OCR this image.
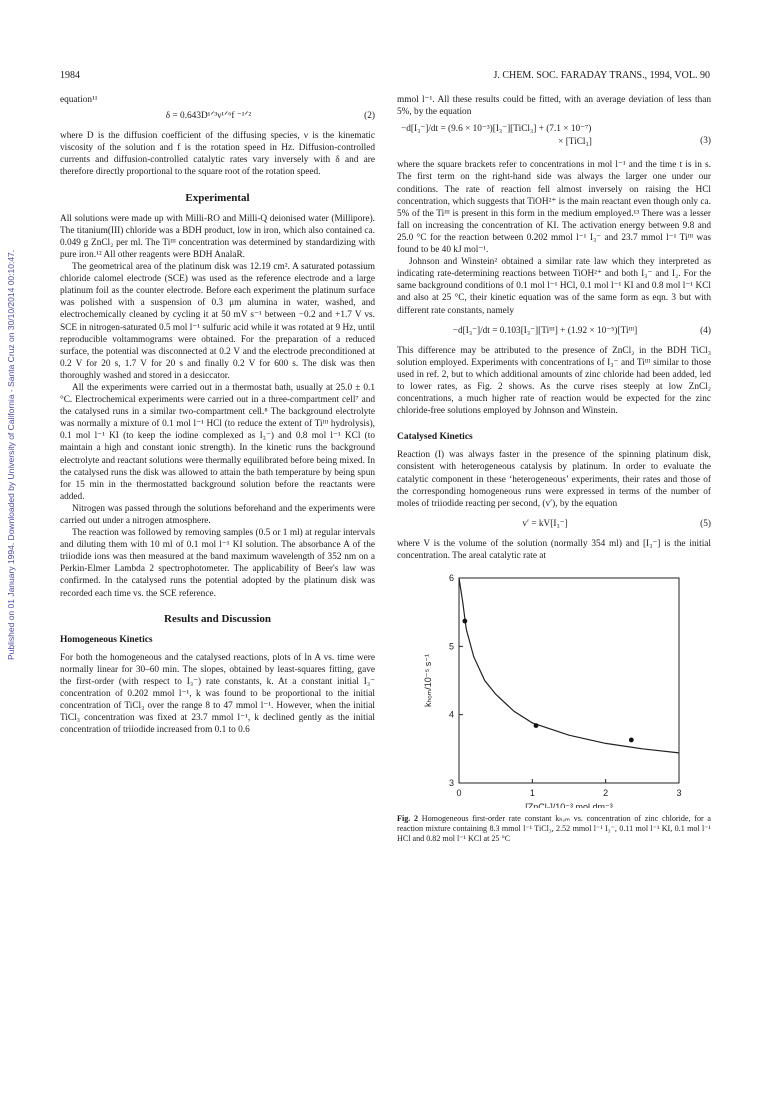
1984	J. CHEM. SOC. FARADAY TRANS., 1994, VOL. 90
Published on 01 January 1994. Downloaded by University of California - Santa Cruz on 30/10/2014 00:10:47.

equation¹¹

δ = 0.643D¹ᐟ³ν¹ᐟ⁶f ⁻¹ᐟ²	(2)

where D is the diffusion coefficient of the diffusing species, ν is the kinematic viscosity of the solution and f is the rotation speed in Hz. Diffusion-controlled currents and diffusion-controlled catalytic rates vary inversely with δ and are therefore directly proportional to the square root of the rotation speed.

Experimental

All solutions were made up with Milli-RO and Milli-Q deionised water (Millipore). The titanium(III) chloride was a BDH product, low in iron, which also contained ca. 0.049 g ZnCl₂ per ml. The Tiᴵᴵᴵ concentration was determined by standardizing with pure iron.¹² All other reagents were BDH AnalaR.

The geometrical area of the platinum disk was 12.19 cm². A saturated potassium chloride calomel electrode (SCE) was used as the reference electrode and a large platinum foil as the counter electrode. Before each experiment the platinum surface was polished with a suspension of 0.3 μm alumina in water, washed, and electrochemically cleaned by cycling it at 50 mV s⁻¹ between −0.2 and +1.7 V vs. SCE in nitrogen-saturated 0.5 mol l⁻¹ sulfuric acid while it was rotated at 9 Hz, until reproducible voltammograms were obtained. For the preparation of a reduced surface, the potential was disconnected at 0.2 V and the electrode preconditioned at 0.2 V for 20 s, 1.7 V for 20 s and finally 0.2 V for 600 s. The disk was then thoroughly washed and stored in a desiccator.

All the experiments were carried out in a thermostat bath, usually at 25.0 ± 0.1 °C. Electrochemical experiments were carried out in a three-compartment cell⁷ and the catalysed runs in a similar two-compartment cell.⁸ The background electrolyte was normally a mixture of 0.1 mol l⁻¹ HCl (to reduce the extent of Tiᴵᴵᴵ hydrolysis), 0.1 mol l⁻¹ KI (to keep the iodine complexed as I₃⁻) and 0.8 mol l⁻¹ KCl (to maintain a high and constant ionic strength). In the kinetic runs the background electrolyte and reactant solutions were thermally equilibrated before being mixed. In the catalysed runs the disk was allowed to attain the bath temperature by being spun for 15 min in the thermostatted background solution before the reactants were added.

Nitrogen was passed through the solutions beforehand and the experiments were carried out under a nitrogen atmosphere.

The reaction was followed by removing samples (0.5 or 1 ml) at regular intervals and diluting them with 10 ml of 0.1 mol l⁻¹ KI solution. The absorbance A of the triiodide ions was then measured at the band maximum wavelength of 352 nm on a Perkin-Elmer Lambda 2 spectrophotometer. The applicability of Beer's law was confirmed. In the catalysed runs the potential adopted by the platinum disk was recorded each time vs. the SCE reference.

Results and Discussion
Homogeneous Kinetics

For both the homogeneous and the catalysed reactions, plots of ln A vs. time were normally linear for 30–60 min. The slopes, obtained by least-squares fitting, gave the first-order (with respect to I₃⁻) rate constants, k. At a constant initial I₃⁻ concentration of 0.202 mmol l⁻¹, k was found to be proportional to the initial concentration of TiCl₃ over the range 8 to 47 mmol l⁻¹. However, when the initial TiCl₃ concentration was fixed at 23.7 mmol l⁻¹, k declined gently as the initial concentration of triiodide increased from 0.1 to 0.6

mmol l⁻¹. All these results could be fitted, with an average deviation of less than 5%, by the equation

−d[I₃⁻]/dt = (9.6 × 10⁻³)[I₃⁻][TiCl₃] + (7.1 × 10⁻⁷)
× [TiCl₃]	(3)

where the square brackets refer to concentrations in mol l⁻¹ and the time t is in s. The first term on the right-hand side was always the larger one under our conditions. The rate of reaction fell almost inversely on raising the HCl concentration, which suggests that TiOH²⁺ is the main reactant even though only ca. 5% of the Tiᴵᴵᴵ is present in this form in the medium employed.¹³ There was a lesser fall on increasing the concentration of KI. The activation energy between 9.8 and 25.0 °C for the reaction between 0.202 mmol l⁻¹ I₃⁻ and 23.7 mmol l⁻¹ Tiᴵᴵᴵ was found to be 40 kJ mol⁻¹.

Johnson and Winstein² obtained a similar rate law which they interpreted as indicating rate-determining reactions between TiOH²⁺ and both I₃⁻ and I₂. For the same background conditions of 0.1 mol l⁻¹ HCl, 0.1 mol l⁻¹ KI and 0.8 mol l⁻¹ KCl and also at 25 °C, their kinetic equation was of the same form as eqn. 3 but with different rate constants, namely

−d[I₃⁻]/dt = 0.103[I₃⁻][Tiᴵᴵᴵ] + (1.92 × 10⁻⁵)[Tiᴵᴵᴵ]	(4)

This difference may be attributed to the presence of ZnCl₂ in the BDH TiCl₃ solution employed. Experiments with concentrations of I₃⁻ and Tiᴵᴵᴵ similar to those used in ref. 2, but to which additional amounts of zinc chloride had been added, led to lower rates, as Fig. 2 shows. As the curve rises steeply at low ZnCl₂ concentrations, a much higher rate of reaction would be expected for the zinc chloride-free solutions employed by Johnson and Winstein.

Catalysed Kinetics

Reaction (I) was always faster in the presence of the spinning platinum disk, consistent with heterogeneous catalysis by platinum. In order to evaluate the catalytic component in these ‘heterogeneous’ experiments, their rates and those of the corresponding homogeneous runs were expressed in terms of the number of moles of triiodide reacting per second, (v′), by the equation

v′ = kV[I₃⁻]	(5)

where V is the volume of the solution (normally 354 ml) and [I₃⁻] is the initial concentration. The areal catalytic rate at

0	1	2	3
3
4
5
6
[ZnCl₂]/10⁻³ mol dm⁻³
kₕₒₘ/10⁻⁵ s⁻¹
Fig. 2 Homogeneous first-order rate constant kₕₒₘ vs. concentration of zinc chloride, for a reaction mixture containing 8.3 mmol l⁻¹ TiCl₃, 2.52 mmol l⁻¹ I₃⁻, 0.11 mol l⁻¹ KI, 0.1 mol l⁻¹ HCl and 0.82 mol l⁻¹ KCl at 25 °C
